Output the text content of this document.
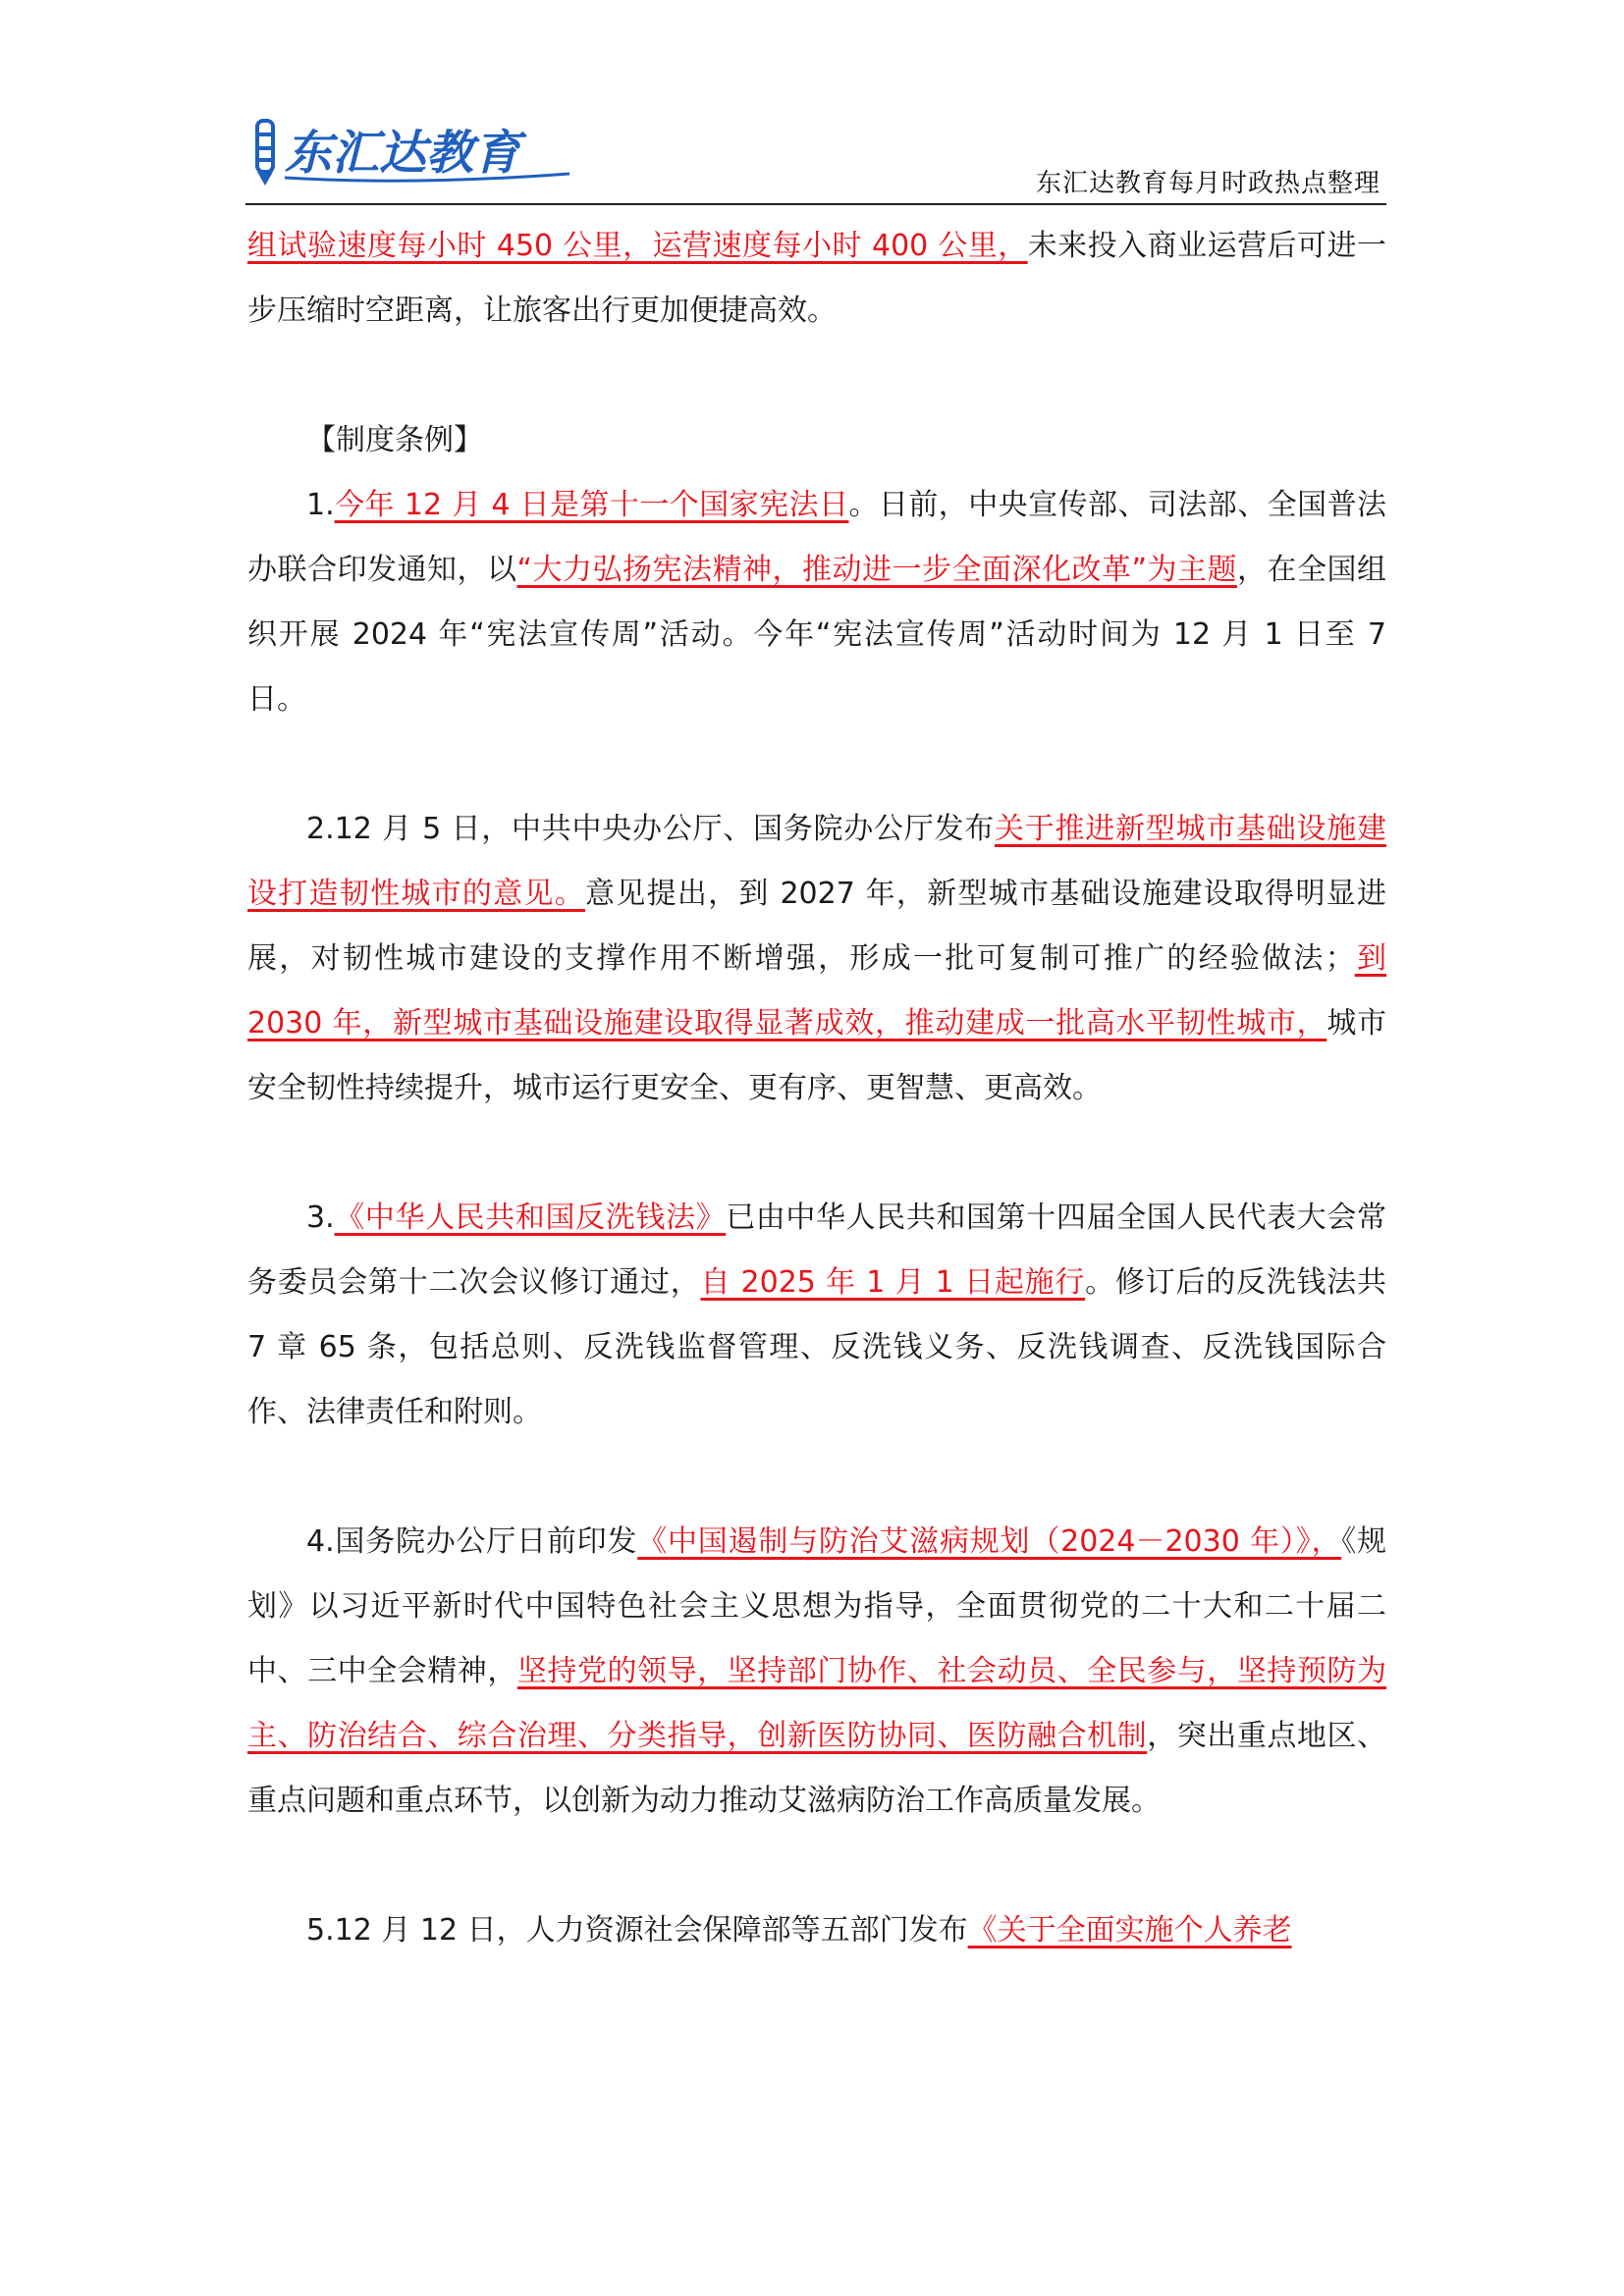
东汇达教育
东汇达教育每月时政热点整理

组试验速度每小时 450 公里，运营速度每小时 400 公里，未来投入商业运营后可进一步压缩时空距离，让旅客出行更加便捷高效。

【制度条例】

1.今年 12 月 4 日是第十一个国家宪法日。日前，中央宣传部、司法部、全国普法办联合印发通知，以“大力弘扬宪法精神，推动进一步全面深化改革”为主题，在全国组织开展 2024 年“宪法宣传周”活动。今年“宪法宣传周”活动时间为 12 月 1 日至 7 日。

2.12 月 5 日，中共中央办公厅、国务院办公厅发布关于推进新型城市基础设施建设打造韧性城市的意见。意见提出，到 2027 年，新型城市基础设施建设取得明显进展，对韧性城市建设的支撑作用不断增强，形成一批可复制可推广的经验做法；到 2030 年，新型城市基础设施建设取得显著成效，推动建成一批高水平韧性城市，城市安全韧性持续提升，城市运行更安全、更有序、更智慧、更高效。

3.《中华人民共和国反洗钱法》已由中华人民共和国第十四届全国人民代表大会常务委员会第十二次会议修订通过，自 2025 年 1 月 1 日起施行。修订后的反洗钱法共 7 章 65 条，包括总则、反洗钱监督管理、反洗钱义务、反洗钱调查、反洗钱国际合作、法律责任和附则。

4.国务院办公厅日前印发《中国遏制与防治艾滋病规划（2024－2030 年）》，《规划》以习近平新时代中国特色社会主义思想为指导，全面贯彻党的二十大和二十届二中、三中全会精神，坚持党的领导，坚持部门协作、社会动员、全民参与，坚持预防为主、防治结合、综合治理、分类指导，创新医防协同、医防融合机制，突出重点地区、重点问题和重点环节，以创新为动力推动艾滋病防治工作高质量发展。

5.12 月 12 日，人力资源社会保障部等五部门发布《关于全面实施个人养老
